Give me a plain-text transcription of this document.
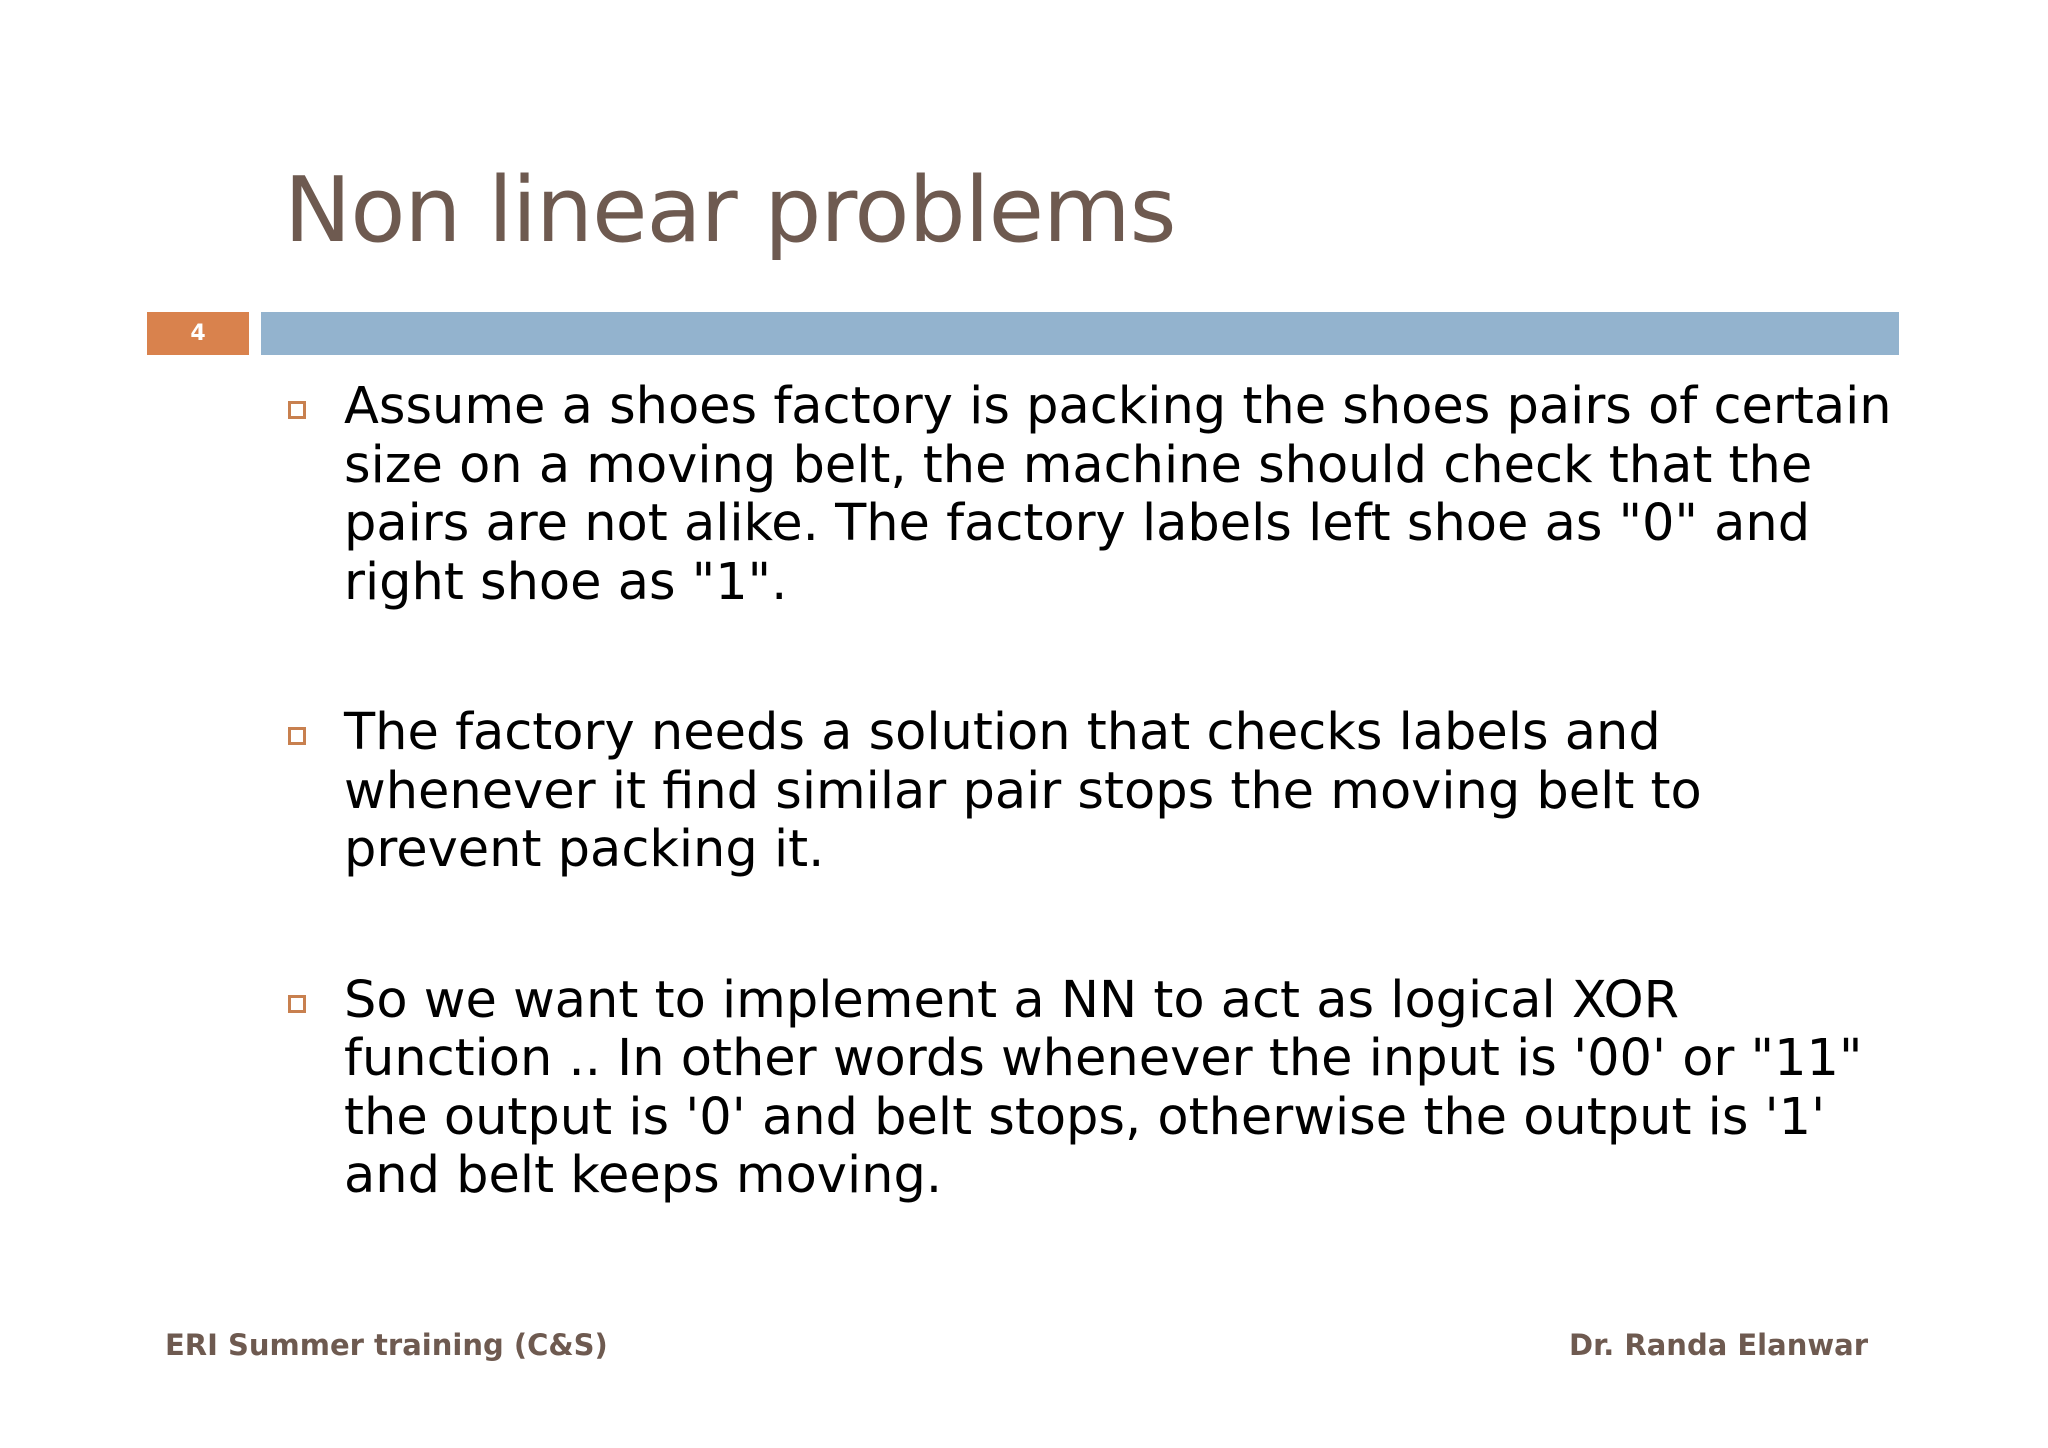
Non linear problems
4
Assume a shoes factory is packing the shoes pairs of certain
size on a moving belt, the machine should check that the
pairs are not alike. The factory labels left shoe as "0" and
right shoe as "1".
The factory needs a solution that checks labels and
whenever it find similar pair stops the moving belt to
prevent packing it.
So we want to implement a NN to act as logical XOR
function .. In other words whenever the input is '00' or "11"
the output is '0' and belt stops, otherwise the output is '1'
and belt keeps moving.
ERI Summer training (C&S)	Dr. Randa Elanwar
